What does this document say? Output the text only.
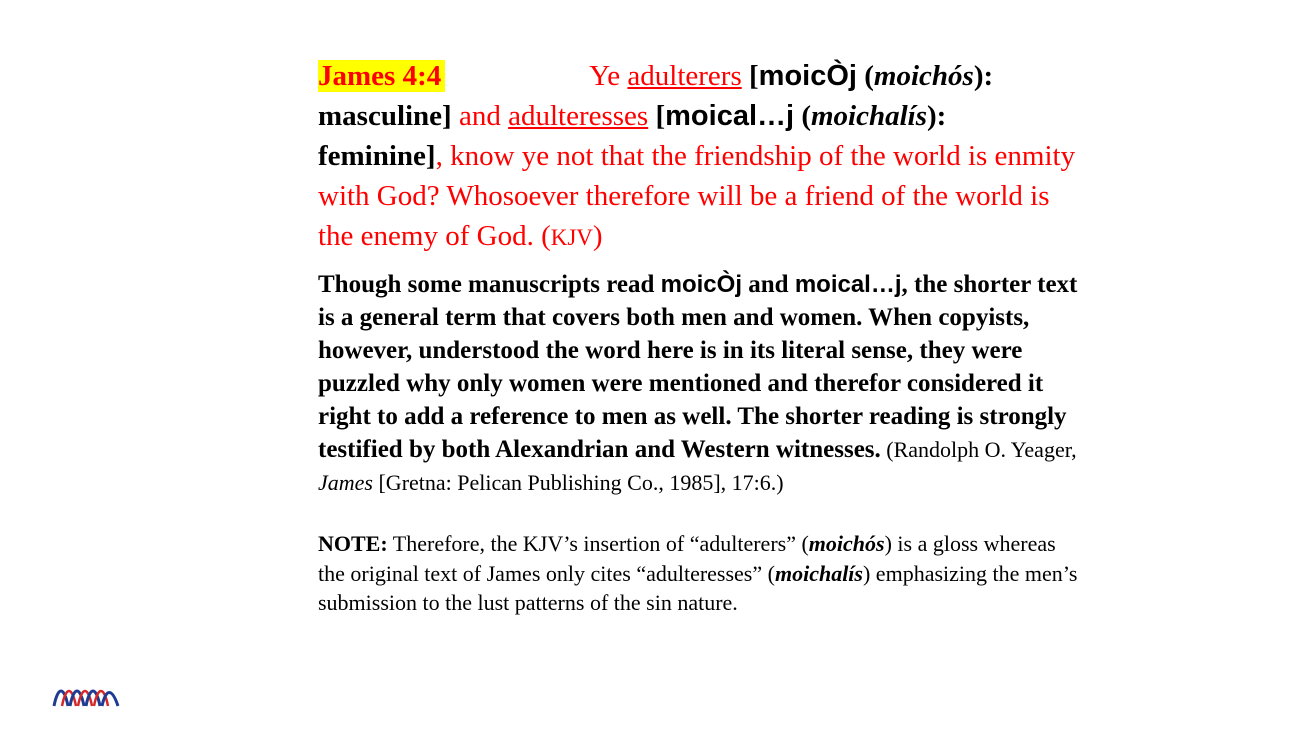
James 4:4	Ye adulterers [moicÒj (moichós): masculine] and adulteresses [moical…j (moichalís): feminine], know ye not that the friendship of the world is enmity with God? Whosoever therefore will be a friend of the world is the enemy of God. (KJV)
Though some manuscripts read moicÒj and moical…j, the shorter text is a general term that covers both men and women. When copyists, however, understood the word here is in its literal sense, they were puzzled why only women were mentioned and therefor considered it right to add a reference to men as well. The shorter reading is strongly testified by both Alexandrian and Western witnesses. (Randolph O. Yeager, James [Gretna: Pelican Publishing Co., 1985], 17:6.)
NOTE: Therefore, the KJV’s insertion of “adulterers” (moichós) is a gloss whereas the original text of James only cites “adulteresses” (moichalís) emphasizing the men’s submission to the lust patterns of the sin nature.
